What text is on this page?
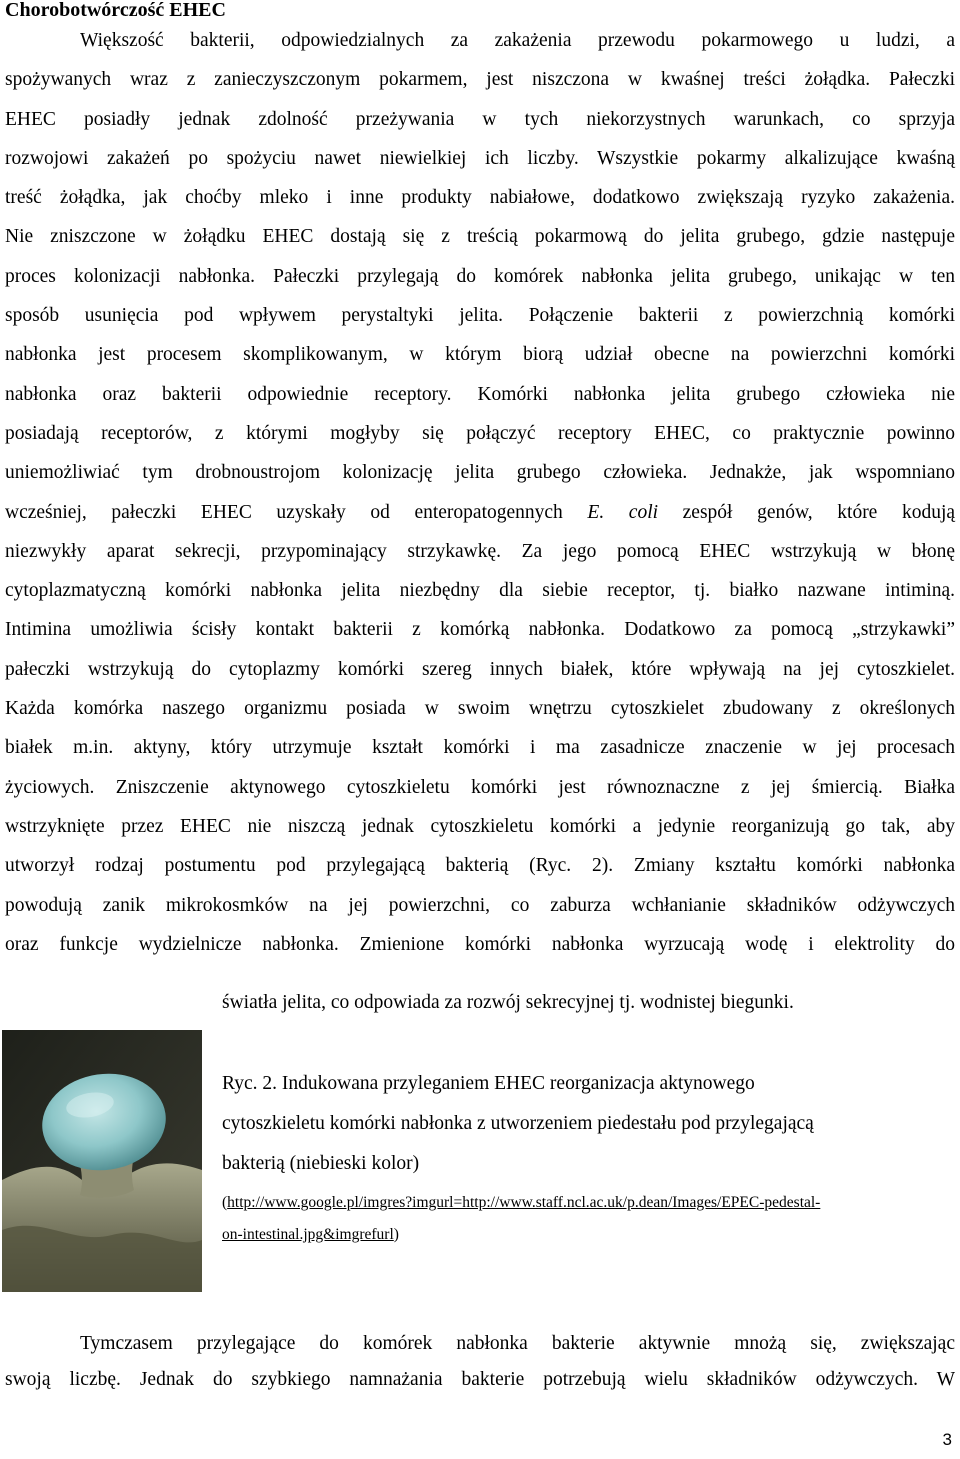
Chorobotwórczość EHEC
Większość bakterii, odpowiedzialnych za zakażenia przewodu pokarmowego u ludzi, a
spożywanych wraz z zanieczyszczonym pokarmem, jest niszczona w kwaśnej treści żołądka. Pałeczki
EHEC posiadły jednak zdolność przeżywania w tych niekorzystnych warunkach, co sprzyja
rozwojowi zakażeń po spożyciu nawet niewielkiej ich liczby. Wszystkie pokarmy alkalizujące kwaśną
treść żołądka, jak choćby mleko i inne produkty nabiałowe, dodatkowo zwiększają ryzyko zakażenia.
Nie zniszczone w żołądku EHEC dostają się z treścią pokarmową do jelita grubego, gdzie następuje
proces kolonizacji nabłonka. Pałeczki przylegają do komórek nabłonka jelita grubego, unikając w ten
sposób usunięcia pod wpływem perystaltyki jelita. Połączenie bakterii z powierzchnią komórki
nabłonka jest procesem skomplikowanym, w którym biorą udział obecne na powierzchni komórki
nabłonka oraz bakterii odpowiednie receptory. Komórki nabłonka jelita grubego człowieka nie
posiadają receptorów, z którymi mogłyby się połączyć receptory EHEC, co praktycznie powinno
uniemożliwiać tym drobnoustrojom kolonizację jelita grubego człowieka. Jednakże, jak wspomniano
wcześniej, pałeczki EHEC uzyskały od enteropatogennych E. coli zespół genów, które kodują
niezwykły aparat sekrecji, przypominający strzykawkę. Za jego pomocą EHEC wstrzykują w błonę
cytoplazmatyczną komórki nabłonka jelita niezbędny dla siebie receptor, tj. białko nazwane intiminą.
Intimina umożliwia ścisły kontakt bakterii z komórką nabłonka. Dodatkowo za pomocą „strzykawki”
pałeczki wstrzykują do cytoplazmy komórki szereg innych białek, które wpływają na jej cytoszkielet.
Każda komórka naszego organizmu posiada w swoim wnętrzu cytoszkielet zbudowany z określonych
białek m.in. aktyny, który utrzymuje kształt komórki i ma zasadnicze znaczenie w jej procesach
życiowych. Zniszczenie aktynowego cytoszkieletu komórki jest równoznaczne z jej śmiercią. Białka
wstrzyknięte przez EHEC nie niszczą jednak cytoszkieletu komórki a jedynie reorganizują go tak, aby
utworzył rodzaj postumentu pod przylegającą bakterią (Ryc. 2). Zmiany kształtu komórki nabłonka
powodują zanik mikrokosmków na jej powierzchni, co zaburza wchłanianie składników odżywczych
oraz funkcje wydzielnicze nabłonka. Zmienione komórki nabłonka wyrzucają wodę i elektrolity do
światła jelita, co odpowiada za rozwój sekrecyjnej tj. wodnistej biegunki.
Ryc. 2. Indukowana przyleganiem EHEC reorganizacja aktynowego
cytoszkieletu komórki nabłonka z utworzeniem piedestału pod przylegającą
bakterią (niebieski kolor)
(http://www.google.pl/imgres?imgurl=http://www.staff.ncl.ac.uk/p.dean/Images/EPEC-pedestal-
on-intestinal.jpg&imgrefurl)
Tymczasem przylegające do komórek nabłonka bakterie aktywnie mnożą się, zwiększając
swoją liczbę. Jednak do szybkiego namnażania bakterie potrzebują wielu składników odżywczych. W
3
